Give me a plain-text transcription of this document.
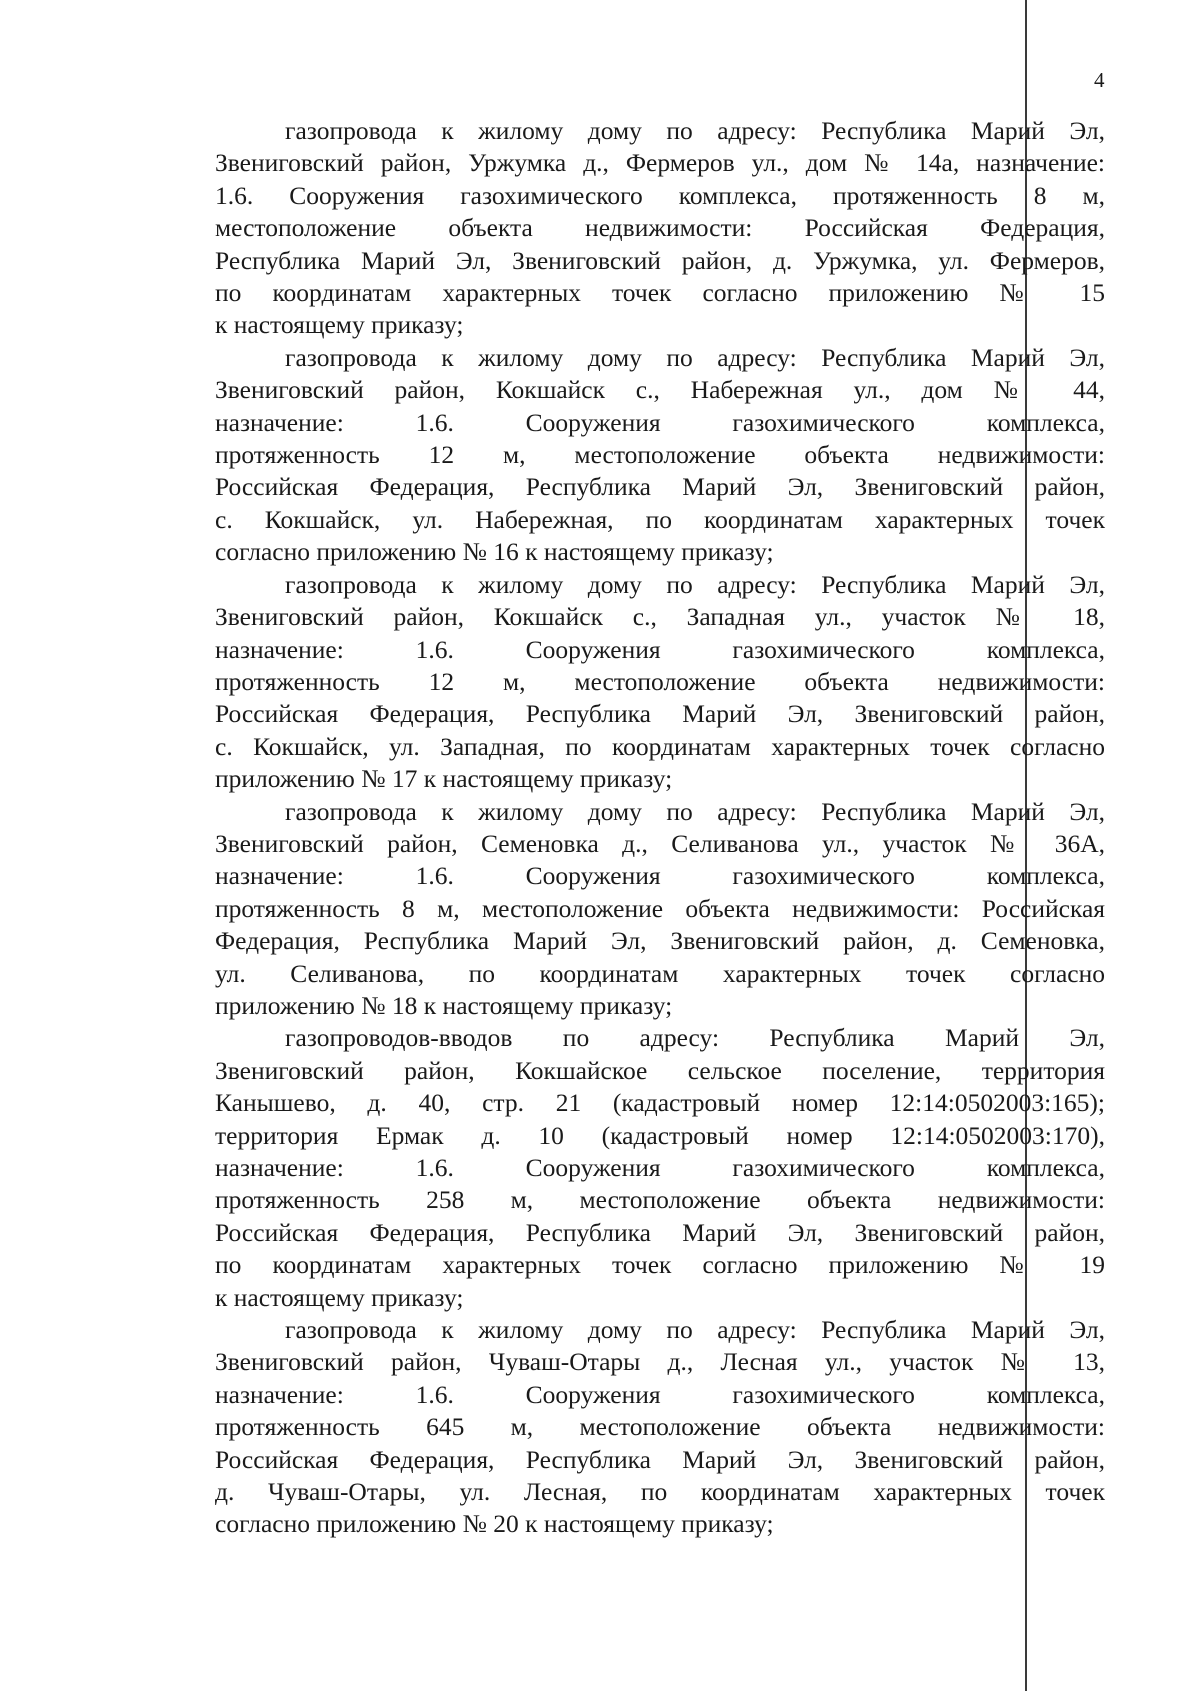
4
газопровода к жилому дому по адресу: Республика Марий Эл,
Звениговский район, Уржумка д., Фермеров ул., дом № 14а, назначение:
1.6. Сооружения газохимического комплекса, протяженность 8 м,
местоположение объекта недвижимости: Российская Федерация,
Республика Марий Эл, Звениговский район, д. Уржумка, ул. Фермеров,
по координатам характерных точек согласно приложению № 15
к настоящему приказу;
газопровода к жилому дому по адресу: Республика Марий Эл,
Звениговский район, Кокшайск с., Набережная ул., дом № 44,
назначение: 1.6. Сооружения газохимического комплекса,
протяженность 12 м, местоположение объекта недвижимости:
Российская Федерация, Республика Марий Эл, Звениговский район,
с. Кокшайск, ул. Набережная, по координатам характерных точек
согласно приложению № 16 к настоящему приказу;
газопровода к жилому дому по адресу: Республика Марий Эл,
Звениговский район, Кокшайск с., Западная ул., участок № 18,
назначение: 1.6. Сооружения газохимического комплекса,
протяженность 12 м, местоположение объекта недвижимости:
Российская Федерация, Республика Марий Эл, Звениговский район,
с. Кокшайск, ул. Западная, по координатам характерных точек согласно
приложению № 17 к настоящему приказу;
газопровода к жилому дому по адресу: Республика Марий Эл,
Звениговский район, Семеновка д., Селиванова ул., участок № 36А,
назначение: 1.6. Сооружения газохимического комплекса,
протяженность 8 м, местоположение объекта недвижимости: Российская
Федерация, Республика Марий Эл, Звениговский район, д. Семеновка,
ул. Селиванова, по координатам характерных точек согласно
приложению № 18 к настоящему приказу;
газопроводов-вводов по адресу: Республика Марий Эл,
Звениговский район, Кокшайское сельское поселение, территория
Канышево, д. 40, стр. 21 (кадастровый номер 12:14:0502003:165);
территория Ермак д. 10 (кадастровый номер 12:14:0502003:170),
назначение: 1.6. Сооружения газохимического комплекса,
протяженность 258 м, местоположение объекта недвижимости:
Российская Федерация, Республика Марий Эл, Звениговский район,
по координатам характерных точек согласно приложению № 19
к настоящему приказу;
газопровода к жилому дому по адресу: Республика Марий Эл,
Звениговский район, Чуваш-Отары д., Лесная ул., участок № 13,
назначение: 1.6. Сооружения газохимического комплекса,
протяженность 645 м, местоположение объекта недвижимости:
Российская Федерация, Республика Марий Эл, Звениговский район,
д. Чуваш-Отары, ул. Лесная, по координатам характерных точек
согласно приложению № 20 к настоящему приказу;
